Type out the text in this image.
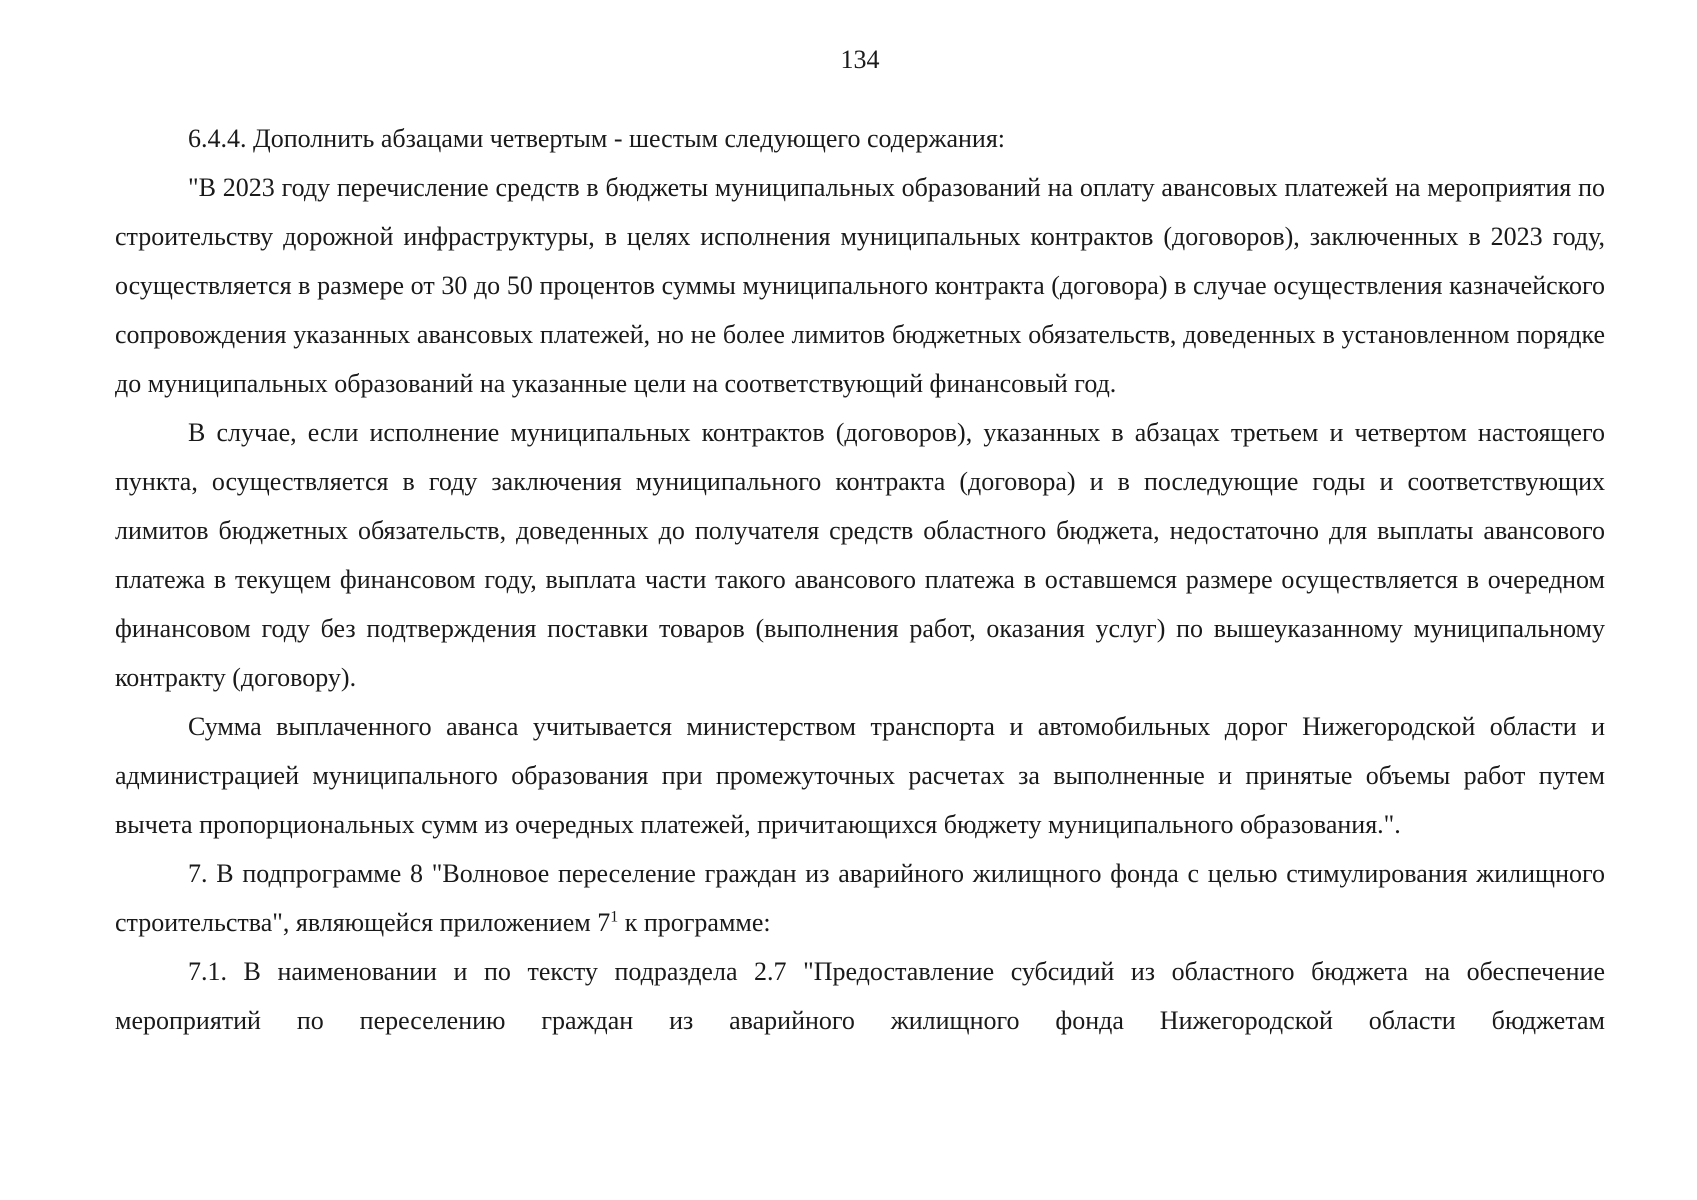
134

6.4.4. Дополнить абзацами четвертым - шестым следующего содержания:

"В 2023 году перечисление средств в бюджеты муниципальных образований на оплату авансовых платежей на мероприятия по строительству дорожной инфраструктуры, в целях исполнения муниципальных контрактов (договоров), заключенных в 2023 году, осуществляется в размере от 30 до 50 процентов суммы муниципального контракта (договора) в случае осуществления казначейского сопровождения указанных авансовых платежей, но не более лимитов бюджетных обязательств, доведенных в установленном порядке до муниципальных образований на указанные цели на соответствующий финансовый год.

В случае, если исполнение муниципальных контрактов (договоров), указанных в абзацах третьем и четвертом настоящего пункта, осуществляется в году заключения муниципального контракта (договора) и в последующие годы и соответствующих лимитов бюджетных обязательств, доведенных до получателя средств областного бюджета, недостаточно для выплаты авансового платежа в текущем финансовом году, выплата части такого авансового платежа в оставшемся размере осуществляется в очередном финансовом году без подтверждения поставки товаров (выполнения работ, оказания услуг) по вышеуказанному муниципальному контракту (договору).

Сумма выплаченного аванса учитывается министерством транспорта и автомобильных дорог Нижегородской области и администрацией муниципального образования при промежуточных расчетах за выполненные и принятые объемы работ путем вычета пропорциональных сумм из очередных платежей, причитающихся бюджету муниципального образования.".

7. В подпрограмме 8 "Волновое переселение граждан из аварийного жилищного фонда с целью стимулирования жилищного строительства", являющейся приложением $7^1$ к программе:

7.1. В наименовании и по тексту подраздела 2.7 "Предоставление субсидий из областного бюджета на обеспечение мероприятий по переселению граждан из аварийного жилищного фонда Нижегородской области бюджетам
